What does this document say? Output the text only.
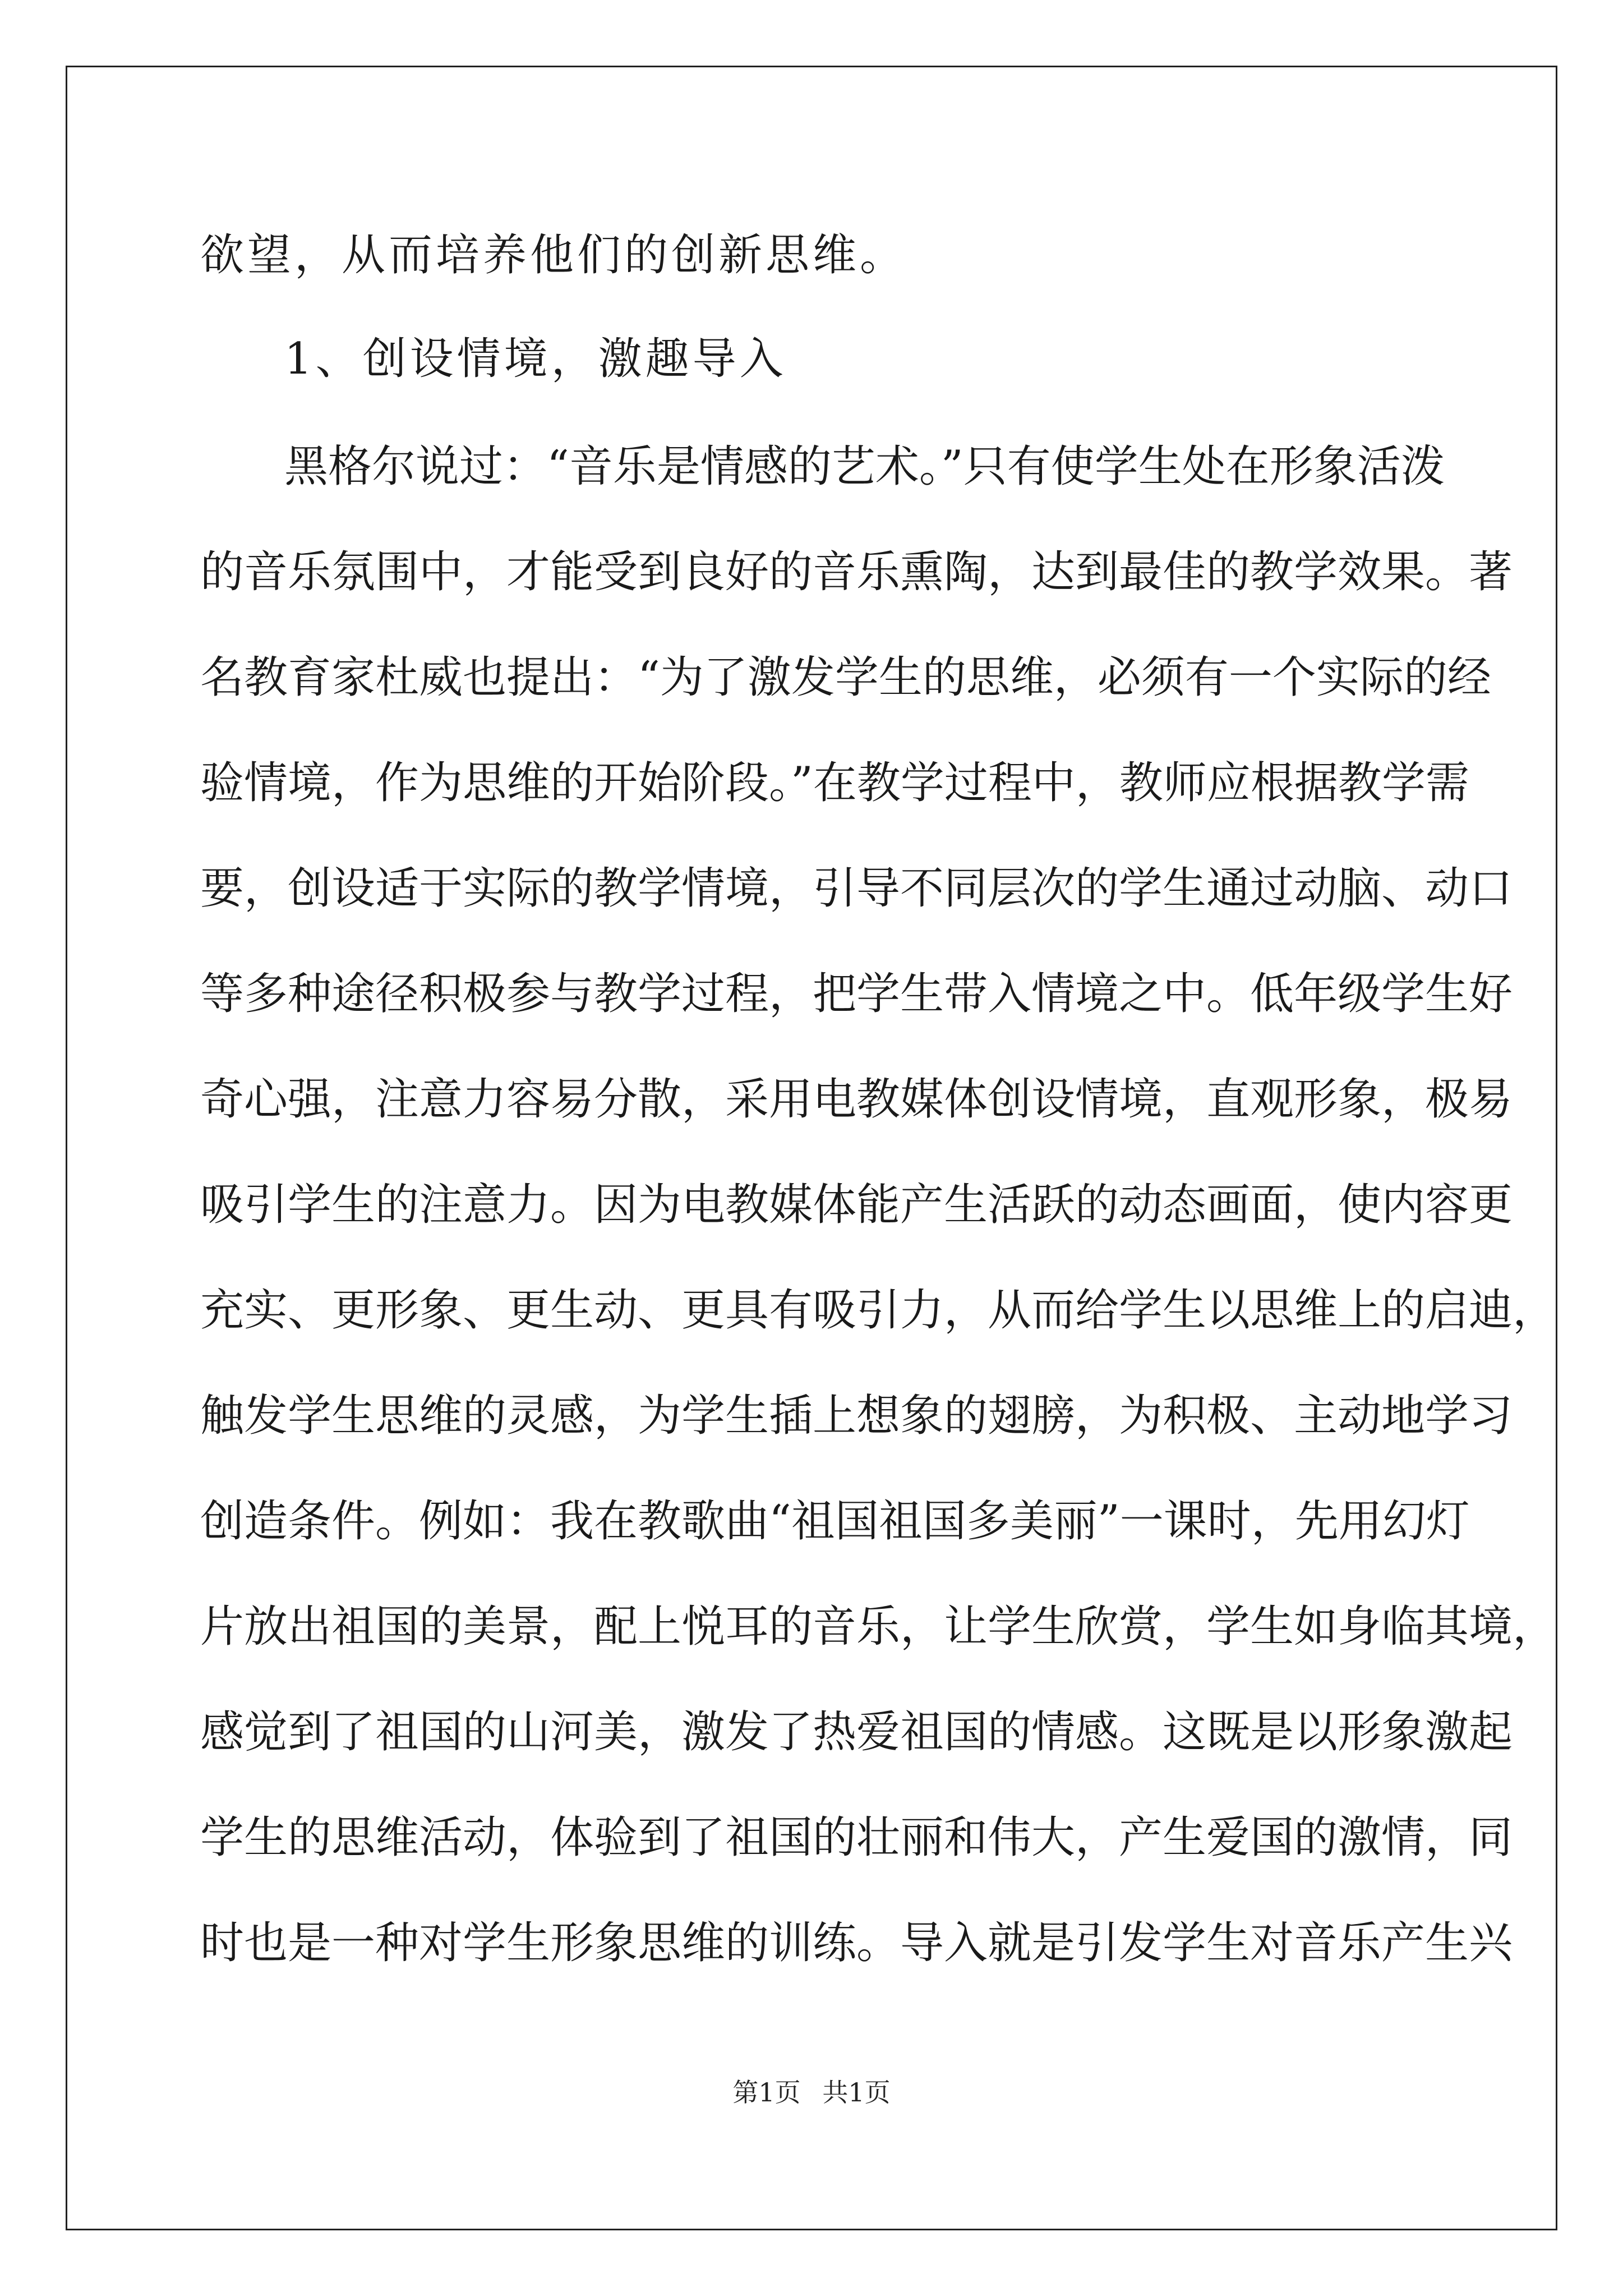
欲望，从而培养他们的创新思维。
1、创设情境，激趣导入
黑格尔说过：“音乐是情感的艺术。”只有使学生处在形象活泼
的音乐氛围中，才能受到良好的音乐熏陶，达到最佳的教学效果。著
名教育家杜威也提出：“为了激发学生的思维，必须有一个实际的经
验情境，作为思维的开始阶段。”在教学过程中，教师应根据教学需
要，创设适于实际的教学情境，引导不同层次的学生通过动脑、动口
等多种途径积极参与教学过程，把学生带入情境之中。低年级学生好
奇心强，注意力容易分散，采用电教媒体创设情境，直观形象，极易
吸引学生的注意力。因为电教媒体能产生活跃的动态画面，使内容更
充实、更形象、更生动、更具有吸引力，从而给学生以思维上的启迪，
触发学生思维的灵感，为学生插上想象的翅膀，为积极、主动地学习
创造条件。例如：我在教歌曲“祖国祖国多美丽”一课时，先用幻灯
片放出祖国的美景，配上悦耳的音乐，让学生欣赏，学生如身临其境，
感觉到了祖国的山河美，激发了热爱祖国的情感。这既是以形象激起
学生的思维活动，体验到了祖国的壮丽和伟大，产生爱国的激情，同
时也是一种对学生形象思维的训练。导入就是引发学生对音乐产生兴
第1页 共1页
